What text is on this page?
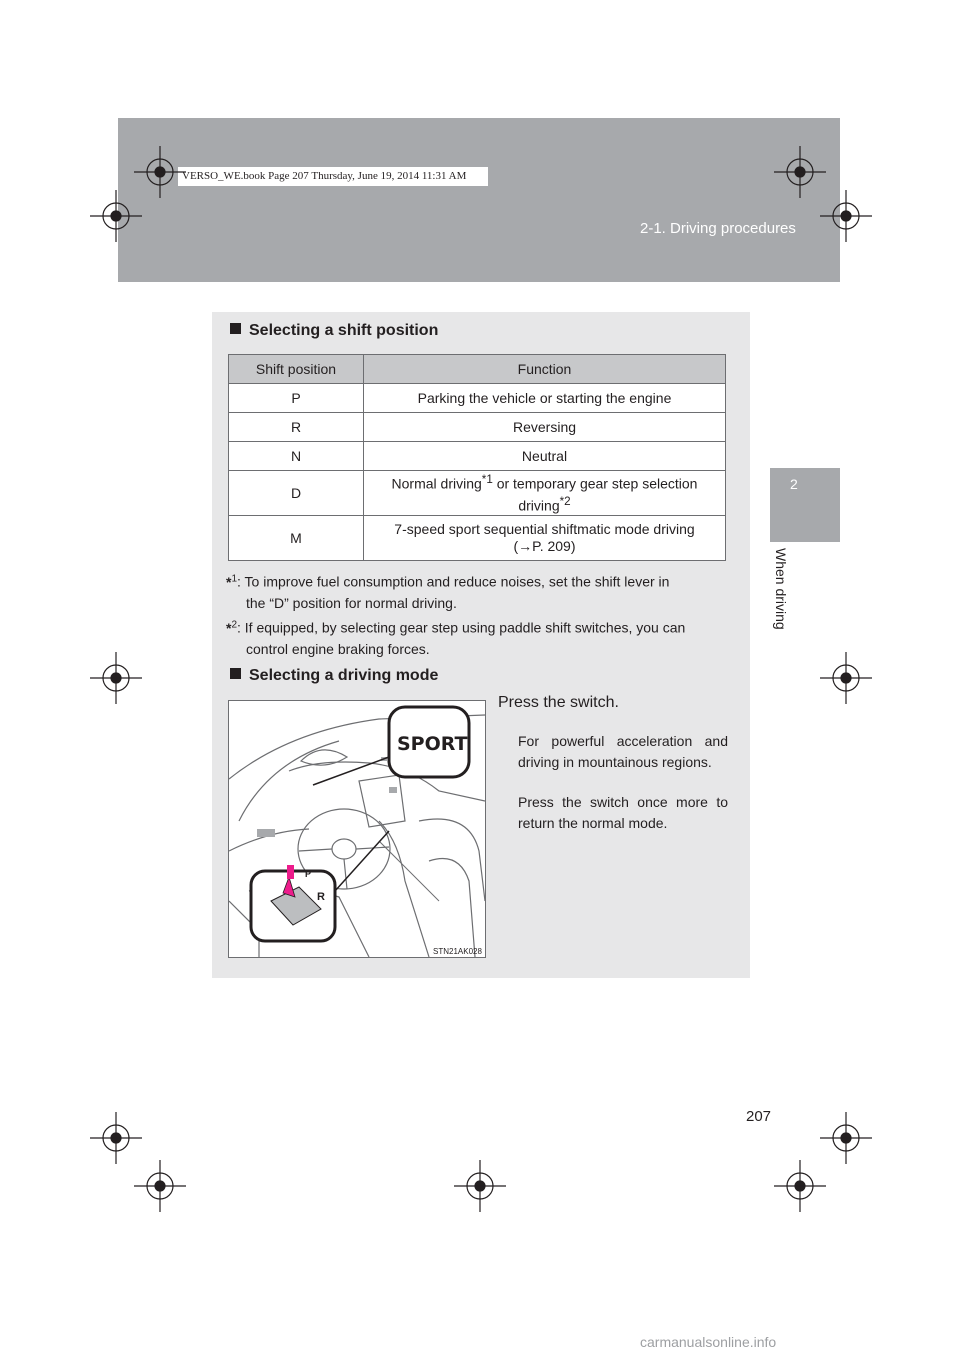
VERSO_WE.book Page 207 Thursday, June 19, 2014 11:31 AM
2-1. Driving procedures
2
When driving
Selecting a shift position
Shift position	Function
P	Parking the vehicle or starting the engine
R	Reversing
N	Neutral
D	Normal driving$^{*1}$ or temporary gear step selection driving$^{*2}$
M	7-speed sport sequential shiftmatic mode driving
(→P. 209)
*$^1$: To improve fuel consumption and reduce noises, set the shift lever in
the “D” position for normal driving.
*$^2$: If equipped, by selecting gear step using paddle shift switches, you can
control engine braking forces.
Selecting a driving mode
SPORT
P
R
STN21AK028
Press the switch.
For powerful acceleration and driving in mountainous regions.
Press the switch once more to return the normal mode.
207
carmanualsonline.info
